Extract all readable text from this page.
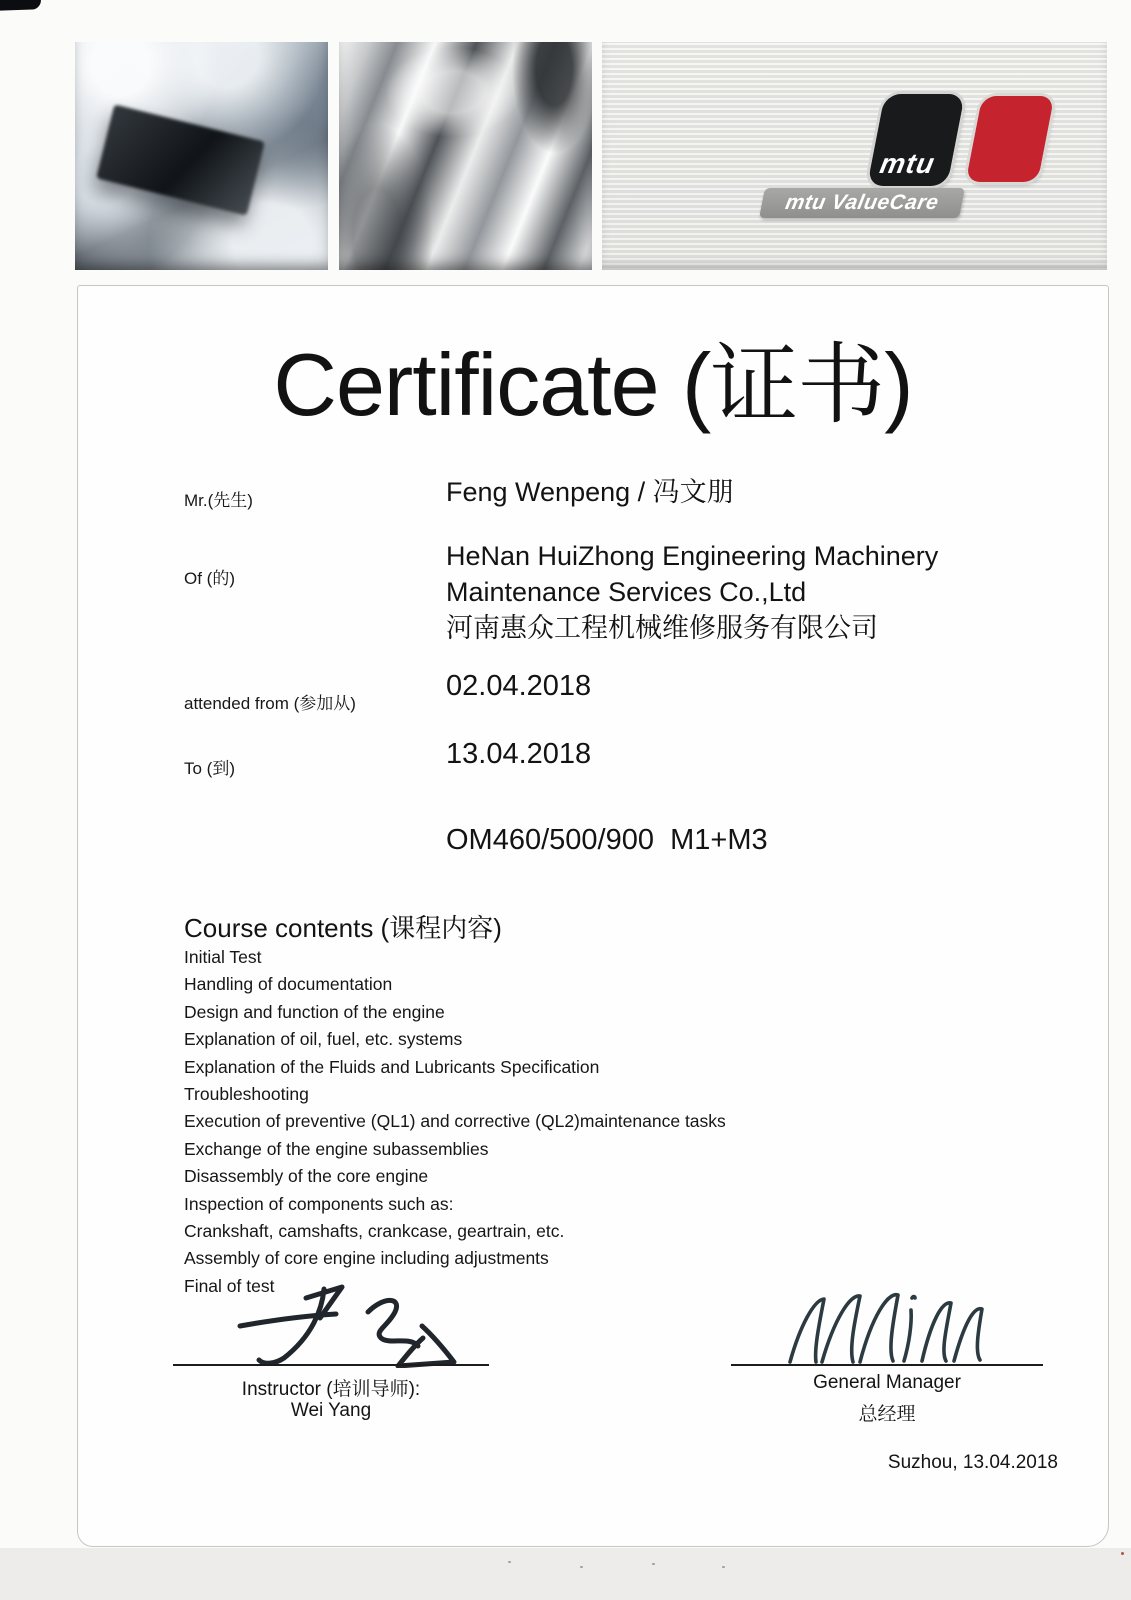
mtu
mtu ValueCare
Certificate (证书)
Mr.(先生)	Feng Wenpeng / 冯文朋
Of (的)
HeNan HuiZhong Engineering Machinery
Maintenance Services Co.,Ltd
河南惠众工程机械维修服务有限公司
attended from (参加从)
02.04.2018
To (到)	13.04.2018
OM460/500/900  M1+M3
Course contents (课程内容)
Initial Test
Handling of documentation
Design and function of the engine
Explanation of oil, fuel, etc. systems
Explanation of the Fluids and Lubricants Specification
Troubleshooting
Execution of preventive (QL1) and corrective (QL2)maintenance tasks
Exchange of the engine subassemblies
Disassembly of the core engine
Inspection of components such as:
Crankshaft, camshafts, crankcase, geartrain, etc.
Assembly of core engine including adjustments
Final of test
Instructor (培训导师):
Wei Yang
General Manager
总经理
Suzhou, 13.04.2018
